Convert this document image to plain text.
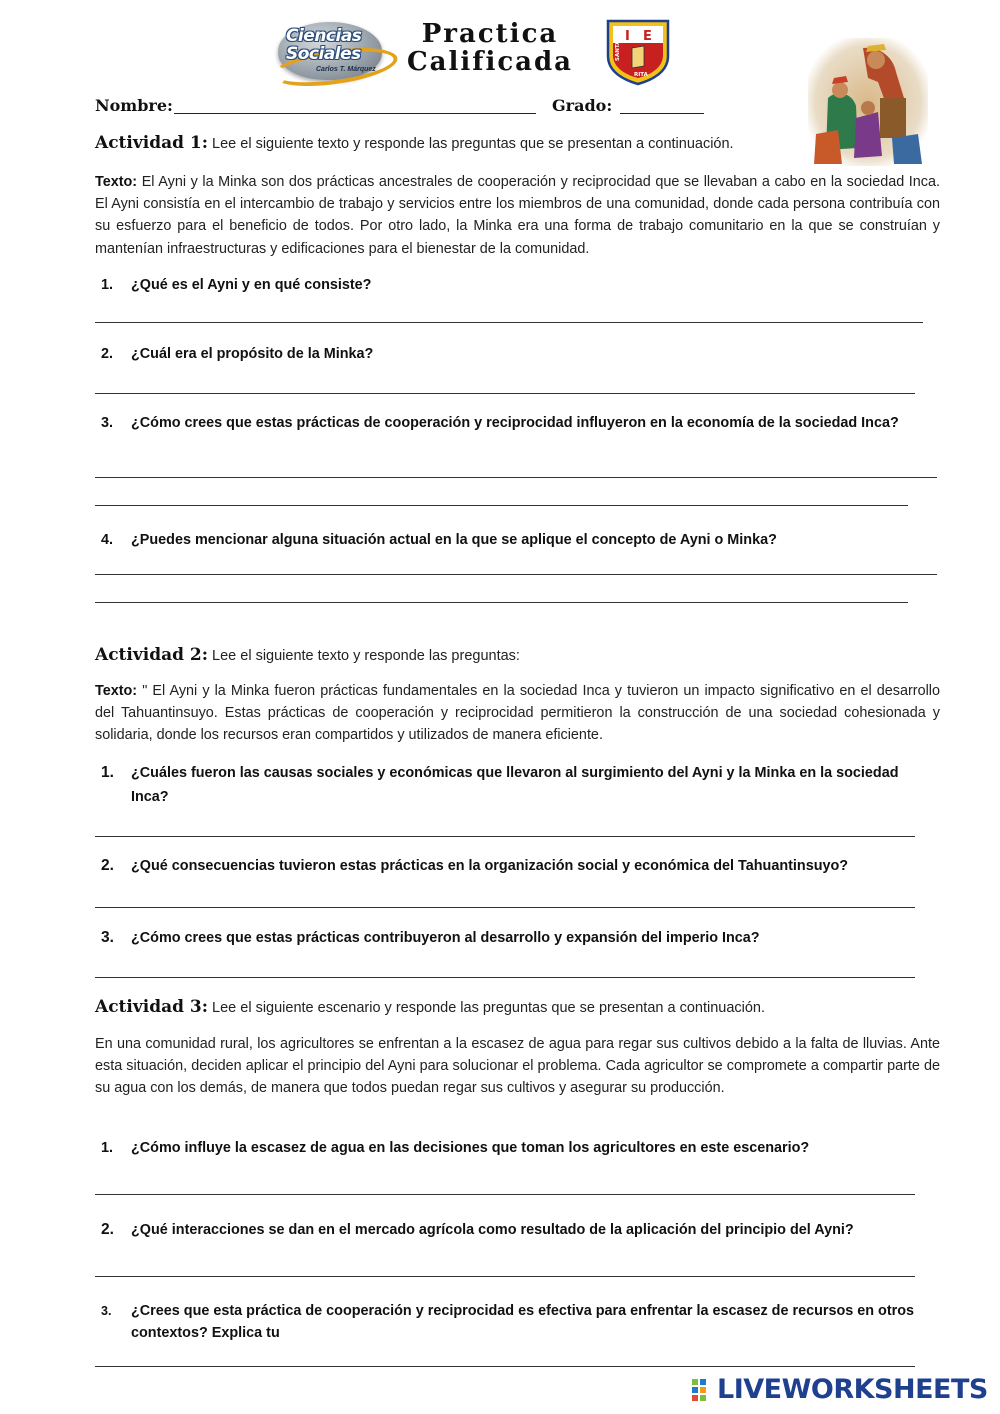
Ciencias
Sociales
Carlos T. Márquez
Practica
Calificada
I E
SANTA
RITA
Nombre:	Grado:
Actividad 1: Lee el siguiente texto y responde las preguntas que se presentan a continuación.
Texto: El Ayni y la Minka son dos prácticas ancestrales de cooperación y reciprocidad que se llevaban a cabo en la sociedad Inca. El Ayni consistía en el intercambio de trabajo y servicios entre los miembros de una comunidad, donde cada persona contribuía con su esfuerzo para el beneficio de todos. Por otro lado, la Minka era una forma de trabajo comunitario en la que se construían y mantenían infraestructuras y edificaciones para el bienestar de la comunidad.
1.	¿Qué es el Ayni y en qué consiste?
2.	¿Cuál era el propósito de la Minka?
3.	¿Cómo crees que estas prácticas de cooperación y reciprocidad influyeron en la economía de la sociedad Inca?
4.	¿Puedes mencionar alguna situación actual en la que se aplique el concepto de Ayni o Minka?
Actividad 2: Lee el siguiente texto y responde las preguntas:
Texto: " El Ayni y la Minka fueron prácticas fundamentales en la sociedad Inca y tuvieron un impacto significativo en el desarrollo del Tahuantinsuyo. Estas prácticas de cooperación y reciprocidad permitieron la construcción de una sociedad cohesionada y solidaria, donde los recursos eran compartidos y utilizados de manera eficiente.
1.	¿Cuáles fueron las causas sociales y económicas que llevaron al surgimiento del Ayni y la Minka en la sociedad Inca?
2.	¿Qué consecuencias tuvieron estas prácticas en la organización social y económica del Tahuantinsuyo?
3.	¿Cómo crees que estas prácticas contribuyeron al desarrollo y expansión del imperio Inca?
Actividad 3: Lee el siguiente escenario y responde las preguntas que se presentan a continuación.
En una comunidad rural, los agricultores se enfrentan a la escasez de agua para regar sus cultivos debido a la falta de lluvias. Ante esta situación, deciden aplicar el principio del Ayni para solucionar el problema. Cada agricultor se compromete a compartir parte de su agua con los demás, de manera que todos puedan regar sus cultivos y asegurar su producción.
1.	¿Cómo influye la escasez de agua en las decisiones que toman los agricultores en este escenario?
2.	¿Qué interacciones se dan en el mercado agrícola como resultado de la aplicación del principio del Ayni?
3.	¿Crees que esta práctica de cooperación y reciprocidad es efectiva para enfrentar la escasez de recursos en otros contextos? Explica tu
LIVEWORKSHEETS
